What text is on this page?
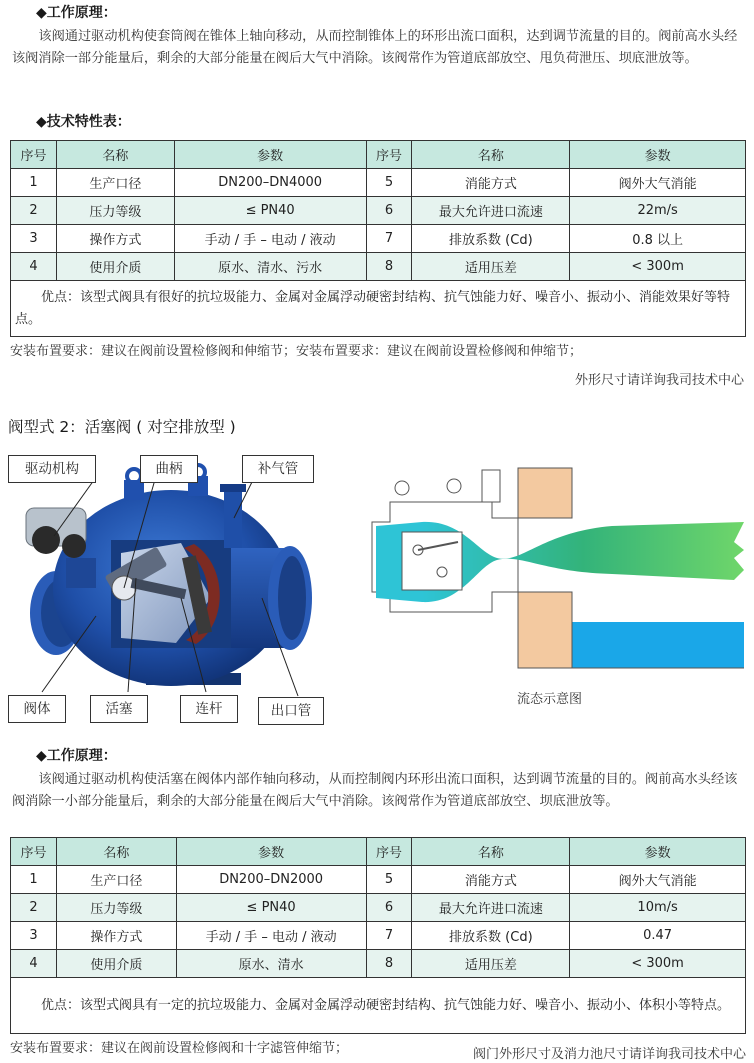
◆工作原理：
该阀通过驱动机构使套筒阀在锥体上轴向移动，从而控制锥体上的环形出流口面积，达到调节流量的目的。阀前高水头经该阀消除一部分能量后，剩余的大部分能量在阀后大气中消除。该阀常作为管道底部放空、甩负荷泄压、坝底泄放等。
◆技术特性表：
序号	名称	参数	序号	名称	参数
1	生产口径	DN200–DN4000	5	消能方式	阀外大气消能
2	压力等级	≤ PN40	6	最大允许进口流速	22m/s
3	操作方式	手动 / 手 – 电动 / 液动	7	排放系数 (Cd)	0.8 以上
4	使用介质	原水、清水、污水	8	适用压差	< 300m
优点：该型式阀具有很好的抗垃圾能力、金属对金属浮动硬密封结构、抗气蚀能力好、噪音小、振动小、消能效果好等特点。					
安装布置要求：建议在阀前设置检修阀和伸缩节；安装布置要求：建议在阀前设置检修阀和伸缩节；
外形尺寸请详询我司技术中心
阀型式 2：活塞阀 ( 对空排放型 )
驱动机构	曲柄	补气管
阀体	活塞	连杆	出口管
流态示意图
◆工作原理：
该阀通过驱动机构使活塞在阀体内部作轴向移动，从而控制阀内环形出流口面积，达到调节流量的目的。阀前高水头经该阀消除一小部分能量后，剩余的大部分能量在阀后大气中消除。该阀常作为管道底部放空、坝底泄放等。
序号	名称	参数	序号	名称	参数
1	生产口径	DN200–DN2000	5	消能方式	阀外大气消能
2	压力等级	≤ PN40	6	最大允许进口流速	10m/s
3	操作方式	手动 / 手 – 电动 / 液动	7	排放系数 (Cd)	0.47
4	使用介质	原水、清水	8	适用压差	< 300m
优点：该型式阀具有一定的抗垃圾能力、金属对金属浮动硬密封结构、抗气蚀能力好、噪音小、振动小、体积小等特点。					
安装布置要求：建议在阀前设置检修阀和十字滤管伸缩节；	阀门外形尺寸及消力池尺寸请详询我司技术中心
